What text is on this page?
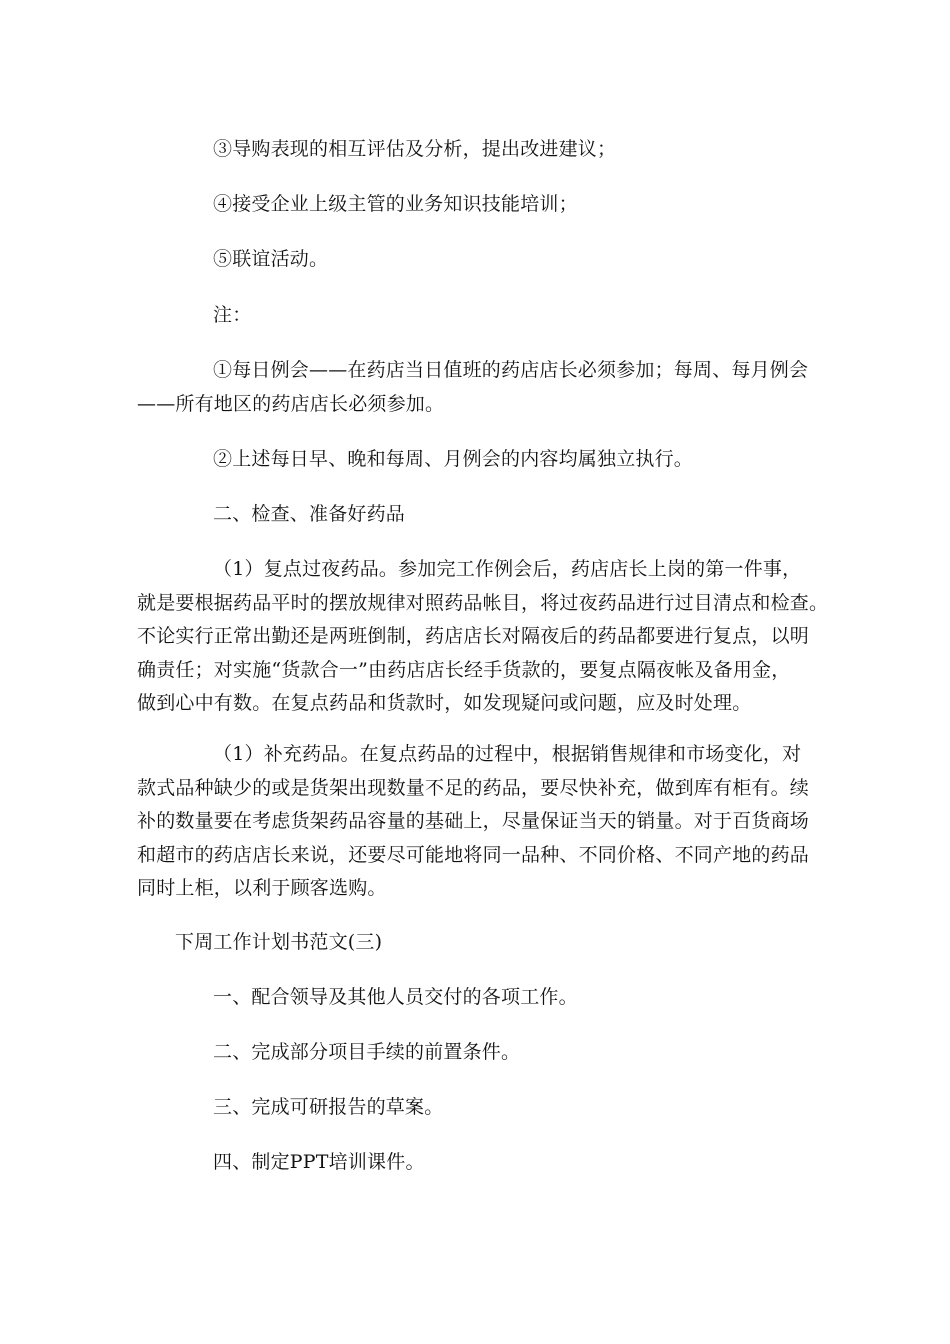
③导购表现的相互评估及分析，提出改进建议；
④接受企业上级主管的业务知识技能培训；
⑤联谊活动。
注：
①每日例会——在药店当日值班的药店店长必须参加；每周、每月例会
——所有地区的药店店长必须参加。
②上述每日早、晚和每周、月例会的内容均属独立执行。
二、检查、准备好药品
（1）复点过夜药品。参加完工作例会后，药店店长上岗的第一件事，
就是要根据药品平时的摆放规律对照药品帐目，将过夜药品进行过目清点和检查。
不论实行正常出勤还是两班倒制，药店店长对隔夜后的药品都要进行复点，以明
确责任；对实施“货款合一”由药店店长经手货款的，要复点隔夜帐及备用金，
做到心中有数。在复点药品和货款时，如发现疑问或问题，应及时处理。
（1）补充药品。在复点药品的过程中，根据销售规律和市场变化，对
款式品种缺少的或是货架出现数量不足的药品，要尽快补充，做到库有柜有。续
补的数量要在考虑货架药品容量的基础上，尽量保证当天的销量。对于百货商场
和超市的药店店长来说，还要尽可能地将同一品种、不同价格、不同产地的药品
同时上柜，以利于顾客选购。
下周工作计划书范文(三)
一、配合领导及其他人员交付的各项工作。
二、完成部分项目手续的前置条件。
三、完成可研报告的草案。
四、制定PPT培训课件。
